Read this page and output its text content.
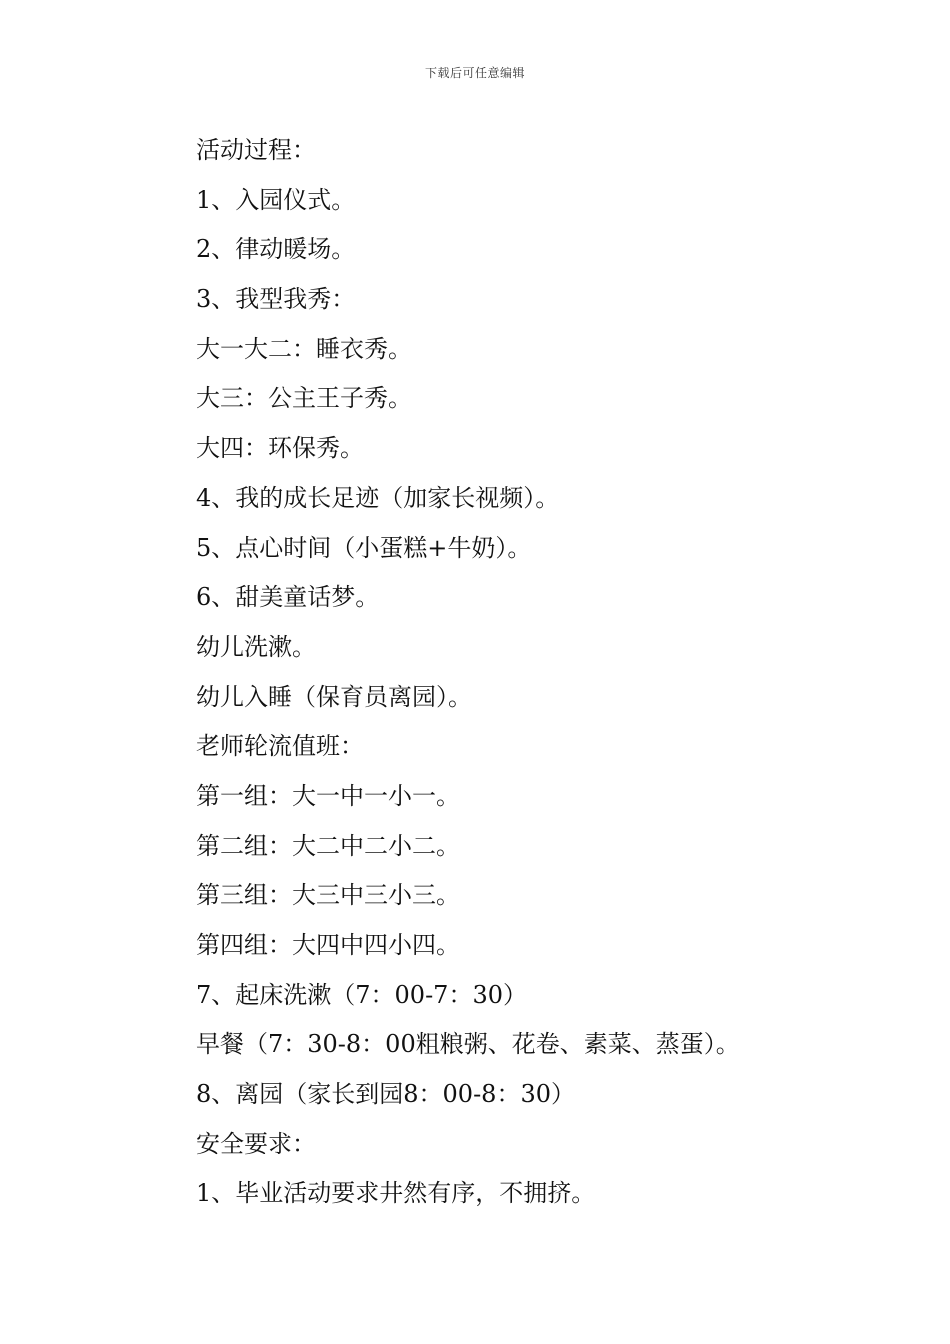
下载后可任意编辑
活动过程：
1、入园仪式。
2、律动暖场。
3、我型我秀：
大一大二：睡衣秀。
大三：公主王子秀。
大四：环保秀。
4、我的成长足迹（加家长视频）。
5、点心时间（小蛋糕+牛奶）。
6、甜美童话梦。
幼儿洗漱。
幼儿入睡（保育员离园）。
老师轮流值班：
第一组：大一中一小一。
第二组：大二中二小二。
第三组：大三中三小三。
第四组：大四中四小四。
7、起床洗漱（7：00-7：30）
早餐（7：30-8：00粗粮粥、花卷、素菜、蒸蛋）。
8、离园（家长到园8：00-8：30）
安全要求：
1、毕业活动要求井然有序，不拥挤。
